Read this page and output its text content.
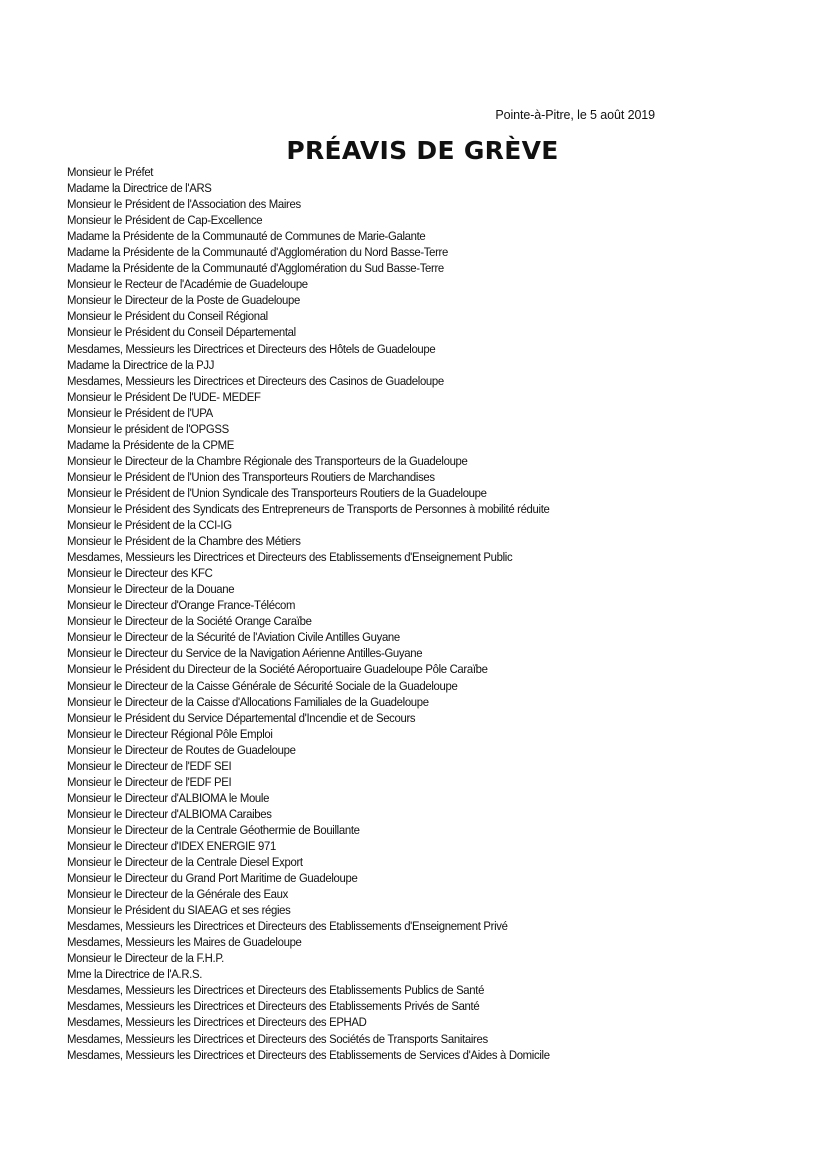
Pointe-à-Pitre, le 5 août 2019
PRÉAVIS DE GRÈVE
Monsieur le Préfet
Madame la Directrice de l'ARS
Monsieur le Président de l'Association des Maires
Monsieur le Président de Cap-Excellence
Madame la Présidente de la Communauté de Communes de Marie-Galante
Madame la Présidente de la Communauté d'Agglomération du Nord Basse-Terre
Madame la Présidente de la Communauté d'Agglomération du Sud Basse-Terre
Monsieur le Recteur de l'Académie de Guadeloupe
Monsieur le Directeur de la Poste de Guadeloupe
Monsieur le Président du Conseil Régional
Monsieur le Président du Conseil Départemental
Mesdames, Messieurs les Directrices et Directeurs des Hôtels de Guadeloupe
Madame la Directrice de la PJJ
Mesdames, Messieurs les Directrices et Directeurs des Casinos de Guadeloupe
Monsieur le Président De l'UDE- MEDEF
Monsieur le Président de l'UPA
Monsieur le président de l'OPGSS
Madame la Présidente de la CPME
Monsieur le Directeur de la Chambre Régionale des Transporteurs de la Guadeloupe
Monsieur le Président de l'Union des Transporteurs Routiers de Marchandises
Monsieur le Président de l'Union Syndicale des Transporteurs Routiers de la Guadeloupe
Monsieur le Président des Syndicats des Entrepreneurs de Transports de Personnes à mobilité réduite
Monsieur le Président de la CCI-IG
Monsieur le Président de la Chambre des Métiers
Mesdames, Messieurs les Directrices et Directeurs des Etablissements d'Enseignement Public
Monsieur le Directeur des KFC
Monsieur le Directeur de la Douane
Monsieur le Directeur d'Orange France-Télécom
Monsieur le Directeur de la Société Orange Caraïbe
Monsieur le Directeur de la Sécurité de l'Aviation Civile Antilles Guyane
Monsieur le Directeur du Service de la Navigation Aérienne Antilles-Guyane
Monsieur le Président du Directeur de la Société Aéroportuaire Guadeloupe Pôle Caraïbe
Monsieur le Directeur de la Caisse Générale de Sécurité Sociale de la Guadeloupe
Monsieur le Directeur de la Caisse d'Allocations Familiales de la Guadeloupe
Monsieur le Président du Service Départemental d'Incendie et de Secours
Monsieur le Directeur Régional Pôle Emploi
Monsieur le Directeur de Routes de Guadeloupe
Monsieur le Directeur de l'EDF SEI
Monsieur le Directeur de l'EDF PEI
Monsieur le Directeur d'ALBIOMA le Moule
Monsieur le Directeur d'ALBIOMA Caraibes
Monsieur le Directeur de la Centrale Géothermie de Bouillante
Monsieur le Directeur d'IDEX ENERGIE 971
Monsieur le Directeur de la Centrale Diesel Export
Monsieur le Directeur du Grand Port Maritime de Guadeloupe
Monsieur le Directeur de la Générale des Eaux
Monsieur le Président du SIAEAG et ses régies
Mesdames, Messieurs les Directrices et Directeurs des Etablissements d'Enseignement Privé
Mesdames, Messieurs les Maires de Guadeloupe
Monsieur le Directeur de la F.H.P.
Mme la Directrice de l'A.R.S.
Mesdames, Messieurs les Directrices et Directeurs des Etablissements Publics de Santé
Mesdames, Messieurs les Directrices et Directeurs des Etablissements Privés de Santé
Mesdames, Messieurs les Directrices et Directeurs des EPHAD
Mesdames, Messieurs les Directrices et Directeurs des Sociétés de Transports Sanitaires
Mesdames, Messieurs les Directrices et Directeurs des Etablissements de Services d'Aides à Domicile
